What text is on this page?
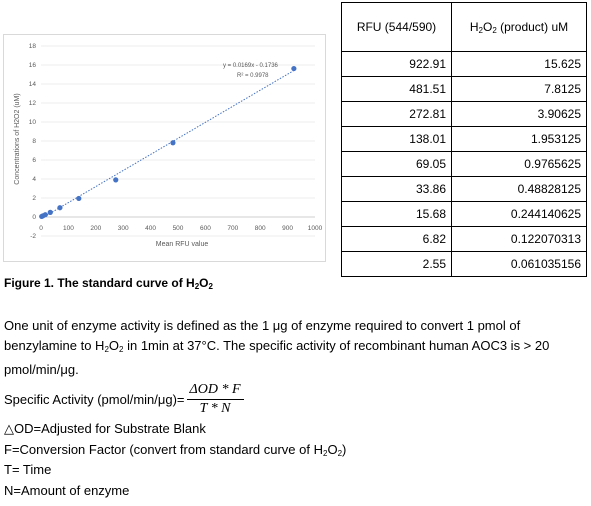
-2
0
2
4
6
8
10
12
14
16
18
0	100	200	300	400	500	600	700	800	900 1000
Mean RFU value
Concentrations of H2O2 (uM)
y = 0.0169x - 0.1736
R² = 0.9978
RFU (544/590)	$H_2O_2$ (product) uM
922.91	15.625
481.51	7.8125
272.81	3.90625
138.01	1.953125
69.05	0.9765625
33.86	0.48828125
15.68	0.244140625
6.82	0.122070313
2.55	0.061035156
Figure 1. The standard curve of $H_2O_2$
One unit of enzyme activity is defined as the 1 μg of enzyme required to convert 1 pmol of benzylamine to $H_2O_2$ in 1min at 37°C. The specific activity of recombinant human AOC3 is > 20 pmol/min/μg.
Specific Activity (pmol/min/μg)= $\frac{\text{ΔOD * F}}{T * N}$
△OD=Adjusted for Substrate Blank
F=Conversion Factor (convert from standard curve of $H_2O_2$)
T= Time
N=Amount of enzyme
